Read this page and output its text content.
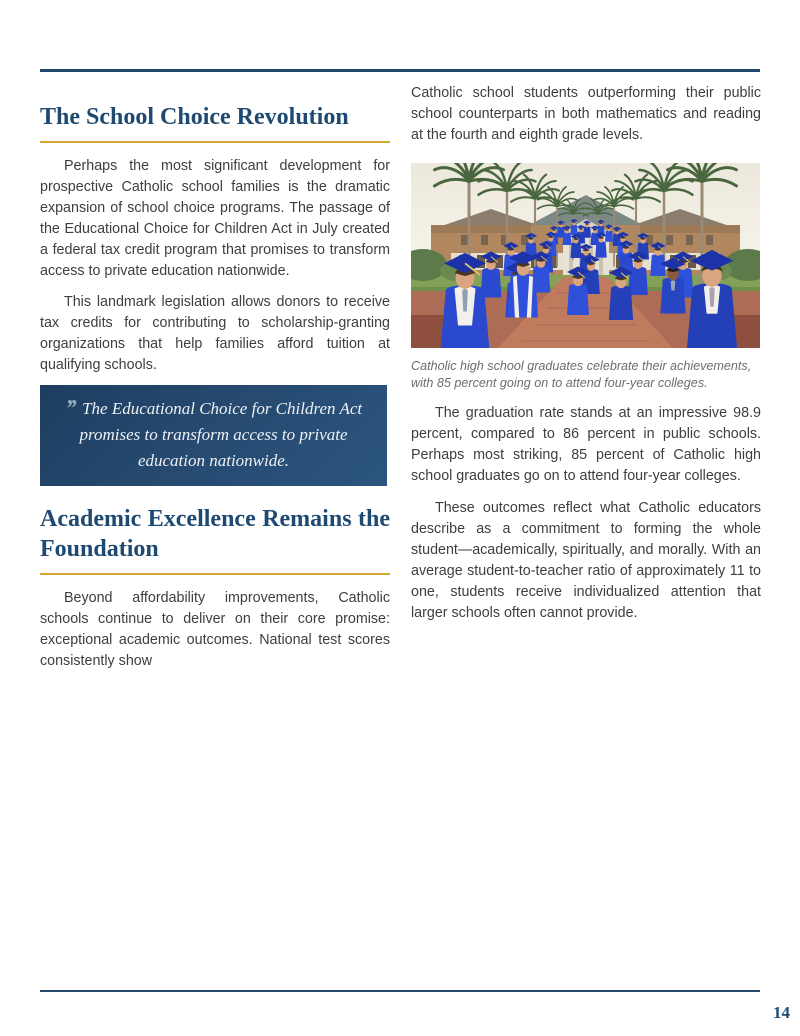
The School Choice Revolution

Perhaps the most significant development for prospective Catholic school families is the dramatic expansion of school choice programs. The passage of the Educational Choice for Children Act in July created a federal tax credit program that promises to transform access to private education nationwide.

This landmark legislation allows donors to receive tax credits for contributing to scholarship-granting organizations that help families afford tuition at qualifying schools.

’’ The Educational Choice for Children Act promises to transform access to private education nationwide.
Academic Excellence Remains the Foundation

Beyond affordability improvements, Catholic schools continue to deliver on their core promise: exceptional academic outcomes. National test scores consistently show

Catholic school students outperforming their public school counterparts in both mathematics and reading at the fourth and eighth grade levels.

Catholic high school graduates celebrate their achievements, with 85 percent going on to attend four-year colleges.

The graduation rate stands at an impressive 98.9 percent, compared to 86 percent in public schools. Perhaps most striking, 85 percent of Catholic high school graduates go on to attend four-year colleges.

These outcomes reflect what Catholic educators describe as a commitment to forming the whole student—academically, spiritually, and morally. With an average student-to-teacher ratio of approximately 11 to one, students receive individualized attention that larger schools often cannot provide.

14
